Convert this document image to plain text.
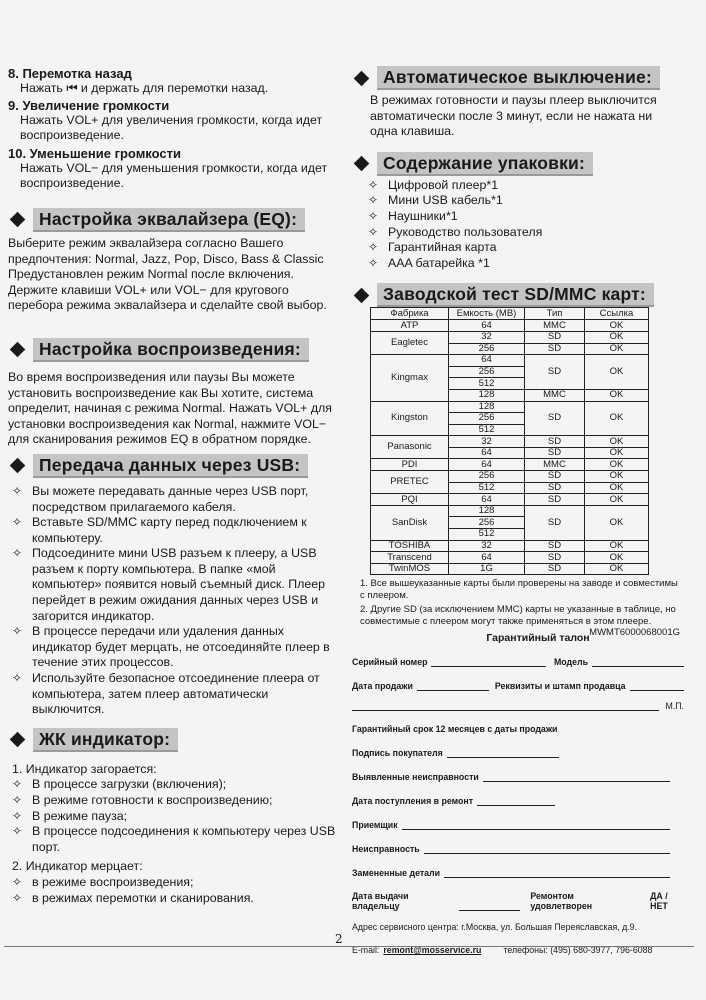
8. Перемотка назад

Нажать ⏮ и держать для перемотки назад.

9. Увеличение громкости

Нажать VOL+ для увеличения громкости, когда идет воспроизведение.

10. Уменьшение громкости

Нажать VOL− для уменьшения громкости, когда идет воспроизведение.

Настройка эквалайзера (EQ):

Выберите режим эквалайзера согласно Вашего предпочтения: Normal, Jazz, Pop, Disco, Bass & Classic Предустановлен режим Normal после включения. Держите клавиши VOL+ или VOL− для кругового перебора режима эквалайзера и сделайте свой выбор.

Настройка воспроизведения:

Во время воспроизведения или паузы Вы можете установить воспроизведение как Вы хотите, система определит, начиная с режима Normal. Нажать VOL+ для установки воспроизведения как Normal, нажмите VOL− для сканирования режимов EQ в обратном порядке.

Передача данных через USB:
✧ Вы можете передавать данные через USB порт, посредством прилагаемого кабеля.
✧ Вставьте SD/MMC карту перед подключением к компьютеру.
✧ Подсоедините мини USB разъем к плееру, а USB разъем к порту компьютера. В папке «мой компьютер» появится новый съемный диск. Плеер перейдет в режим ожидания данных через USB и загорится индикатор.
✧ В процессе передачи или удаления данных индикатор будет мерцать, не отсоединяйте плеер в течение этих процессов.
✧ Используйте безопасное отсоединение плеера от компьютера, затем плеер автоматически выключится.
ЖК индикатор:

1. Индикатор загорается:

✧ В процессе загрузки (включения);
✧ В режиме готовности к воспроизведению;
✧ В режиме пауза;
✧ В процессе подсоединения к компьютеру через USB порт.

2. Индикатор мерцает:

✧ в режиме воспроизведения;
✧ в режимах перемотки и сканирования.
Автоматическое выключение:

В режимах готовности и паузы плеер выключится автоматически после 3 минут, если не нажата ни одна клавиша.

Содержание упаковки:
✧ Цифровой плеер*1
✧ Мини USB кабель*1
✧ Наушники*1
✧ Руководство пользователя
✧ Гарантийная карта
✧ AAA батарейка *1
Заводской тест SD/MMC карт:
Фабрика	Емкость (MB)	Тип	Ссылка
ATP	64	MMC	OK
Eagletec	32	SD	OK
	256	SD	OK
Kingmax	64	SD	OK
	256		
	512		
	128	MMC	OK
Kingston	128	SD	OK
	256		
	512		
Panasonic	32	SD	OK
	64	SD	OK
PDI	64	MMC	OK
PRETEC	256	SD	OK
	512	SD	OK
PQI	64	SD	OK
SanDisk	128	SD	OK
	256		
	512		
TOSHIBA	32	SD	OK
Transcend	64	SD	OK
TwinMOS	1G	SD	OK

1. Все вышеуказанные карты были проверены на заводе и совместимы с плеером.

2. Другие SD (за исключением MMC) карты не указанные в таблице, но совместимые с плеером могут также применяться в этом плеере.

MWMT6000068001G

Гарантийный талон
Серийный номер	Модель
Дата продажи	Реквизиты и штамп продавца
М.П.
Гарантийный срок 12 месяцев с даты продажи
Подпись покупателя
Выявленные неисправности
Дата поступления в ремонт
Приемщик
Неисправность
Замененные детали
Дата выдачи владельцу
Ремонтом удовлетворен
ДА /НЕТ
Адрес сервисного центра: г.Москва, ул. Большая Переяславская, д.9.
E-mail: remont@mosservice.ru	телефоны: (495) 680-3977, 796-6088
2
